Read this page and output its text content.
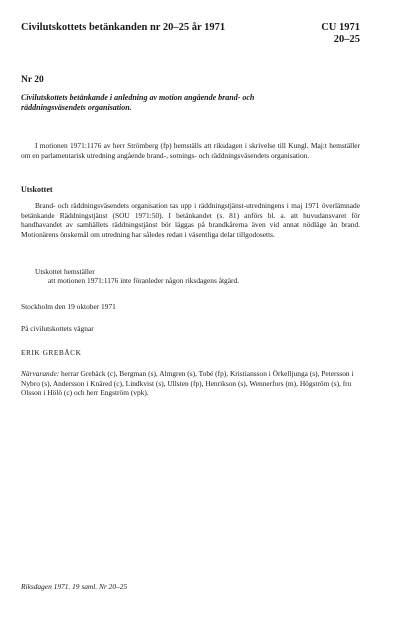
Civilutskottets betänkanden nr 20–25 år 1971	CU 1971
20–25
Nr 20
Civilutskottets betänkande i anledning av motion angående brand- och räddningsväsendets organisation.
I motionen 1971:1176 av herr Strömberg (fp) hemställs att riksdagen i skrivelse till Kungl. Maj:t hemställer om en parlamentarisk utredning angående brand-, sotnings- och räddningsväsendets organisation.
Utskottet
Brand- och räddningsväsendets organisation tas upp i räddningstjänst-utredningens i maj 1971 överlämnade betänkande Räddningstjänst (SOU 1971:50). I betänkandet (s. 81) anförs bl. a. att huvudansvaret för handhavandet av samhällets räddningstjänst bör läggas på brandkårerna även vid annat nödläge än brand. Motionärens önskemål om utredning har således redan i väsentliga delar tillgodosetts.
Utskottet hemställer
att motionen 1971:1176 inte föranleder någon riksdagens åtgärd.
Stockholm den 19 oktober 1971
På civilutskottets vägnar
ERIK GREBÄCK
Närvarande: herrar Grebäck (c), Bergman (s), Almgren (s), Tobé (fp), Kristiansson i Örkelljunga (s), Petersson i Nybro (s), Andersson i Knäred (c), Lindkvist (s), Ullsten (fp), Henrikson (s), Wennerfors (m), Högström (s), fru Olsson i Hölö (c) och herr Engström (vpk).
Riksdagen 1971. 19 saml. Nr 20–25
